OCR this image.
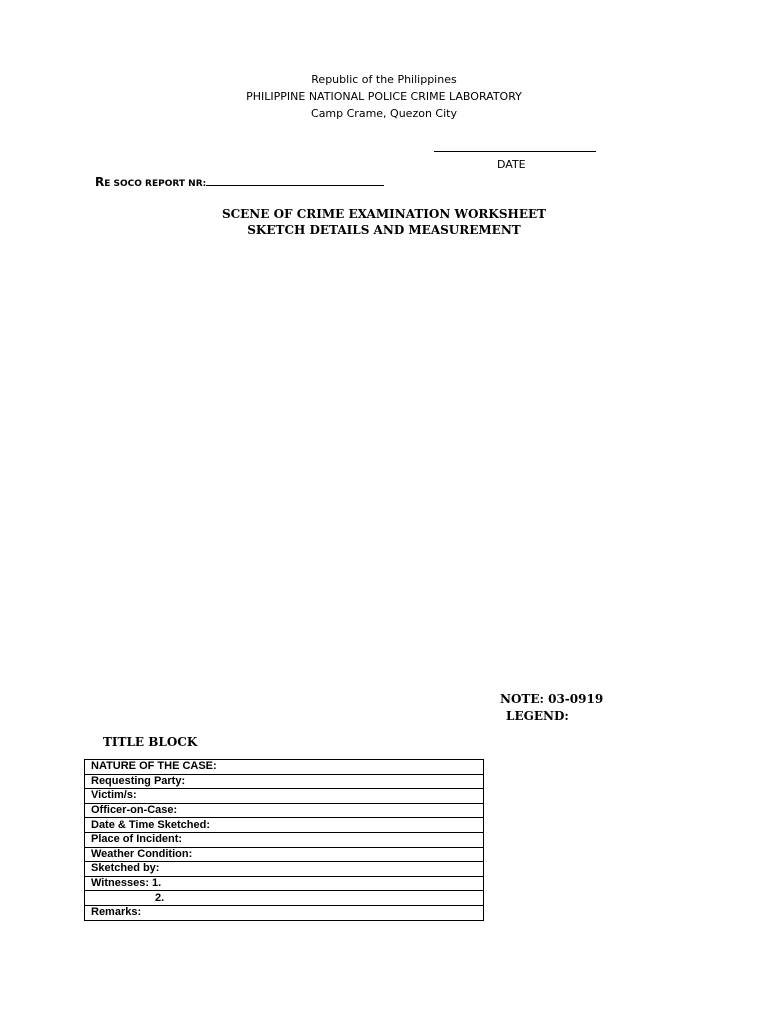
Republic of the Philippines
PHILIPPINE NATIONAL POLICE CRIME LABORATORY
Camp Crame, Quezon City
DATE
RE SOCO REPORT NR:
SCENE OF CRIME EXAMINATION WORKSHEET
SKETCH DETAILS AND MEASUREMENT
NOTE: 03-0919
LEGEND:
TITLE BLOCK
NATURE OF THE CASE:
Requesting Party:
Victim/s:
Officer-on-Case:
Date & Time Sketched:
Place of Incident:
Weather Condition:
Sketched by:
Witnesses: 1.
2.
Remarks:
